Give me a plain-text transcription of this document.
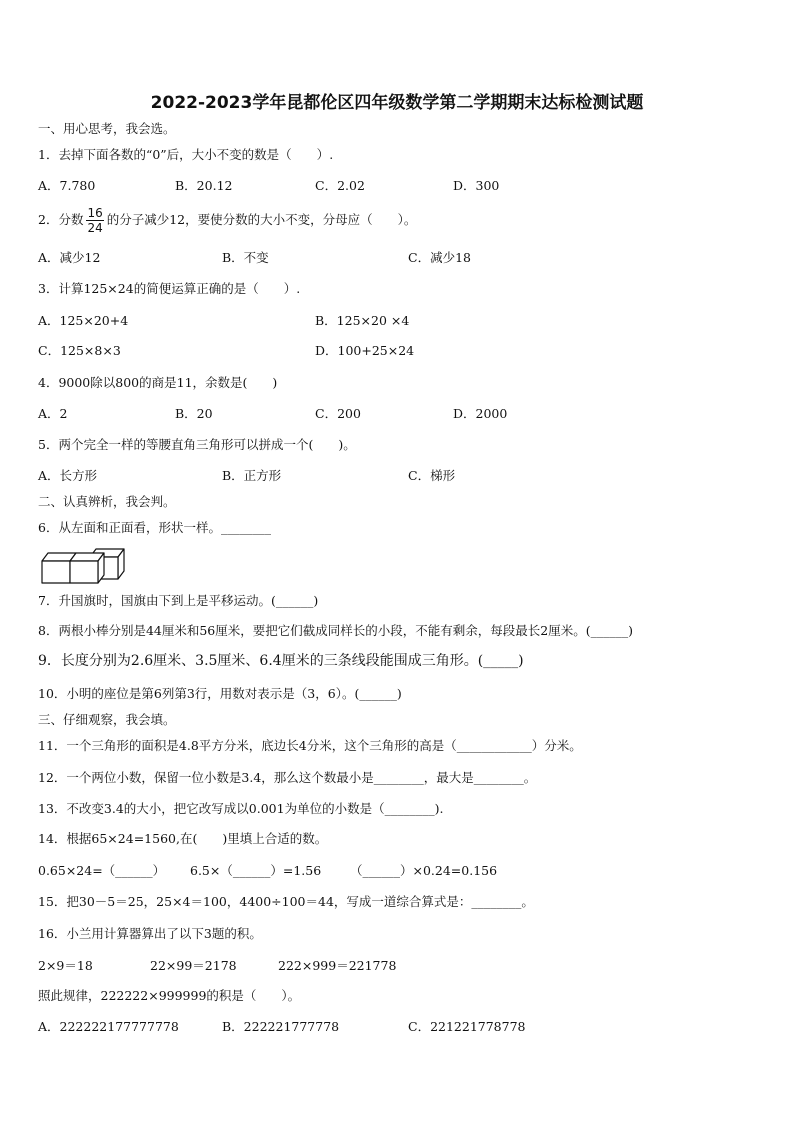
2022-2023学年昆都伦区四年级数学第二学期期末达标检测试题
一、用心思考，我会选。
1．去掉下面各数的“0”后，大小不变的数是（　　）.
A．7.780	B．20.12	C．2.02	D．300
2．分数 $\frac{16}{24}$ 的分子减少12，要使分数的大小不变，分母应（　　）。
A．减少12	B．不变	C．减少18
3．计算125×24的简便运算正确的是（　　）.
A．125×20+4	B．125×20 ×4
C．125×8×3	D．100+25×24
4．9000除以800的商是11，余数是(　　)
A．2	B．20	C．200	D．2000
5．两个完全一样的等腰直角三角形可以拼成一个(　　)。
A．长方形	B．正方形	C．梯形
二、认真辨析，我会判。
6．从左面和正面看，形状一样。________
7．升国旗时，国旗由下到上是平移运动。(______)
8．两根小棒分别是44厘米和56厘米，要把它们截成同样长的小段，不能有剩余，每段最长2厘米。(______)
9．长度分别为2.6厘米、3.5厘米、6.4厘米的三条线段能围成三角形。(_____)
10．小明的座位是第6列第3行，用数对表示是（3，6）。(______)
三、仔细观察，我会填。
11．一个三角形的面积是4.8平方分米，底边长4分米，这个三角形的高是（____________）分米。
12．一个两位小数，保留一位小数是3.4，那么这个数最小是________，最大是________。
13．不改变3.4的大小，把它改写成以0.001为单位的小数是（________).
14．根据65×24=1560,在(　　)里填上合适的数。
0.65×24=（______） 6.5×（______）=1.56 （______）×0.24=0.156
15．把30－5＝25，25×4＝100，4400÷100＝44，写成一道综合算式是：________。
16．小兰用计算器算出了以下3题的积。
2×9＝18	22×99＝2178	222×999＝221778
照此规律，222222×999999的积是（　　）。
A．222222177777778	B．222221777778	C．221221778778
